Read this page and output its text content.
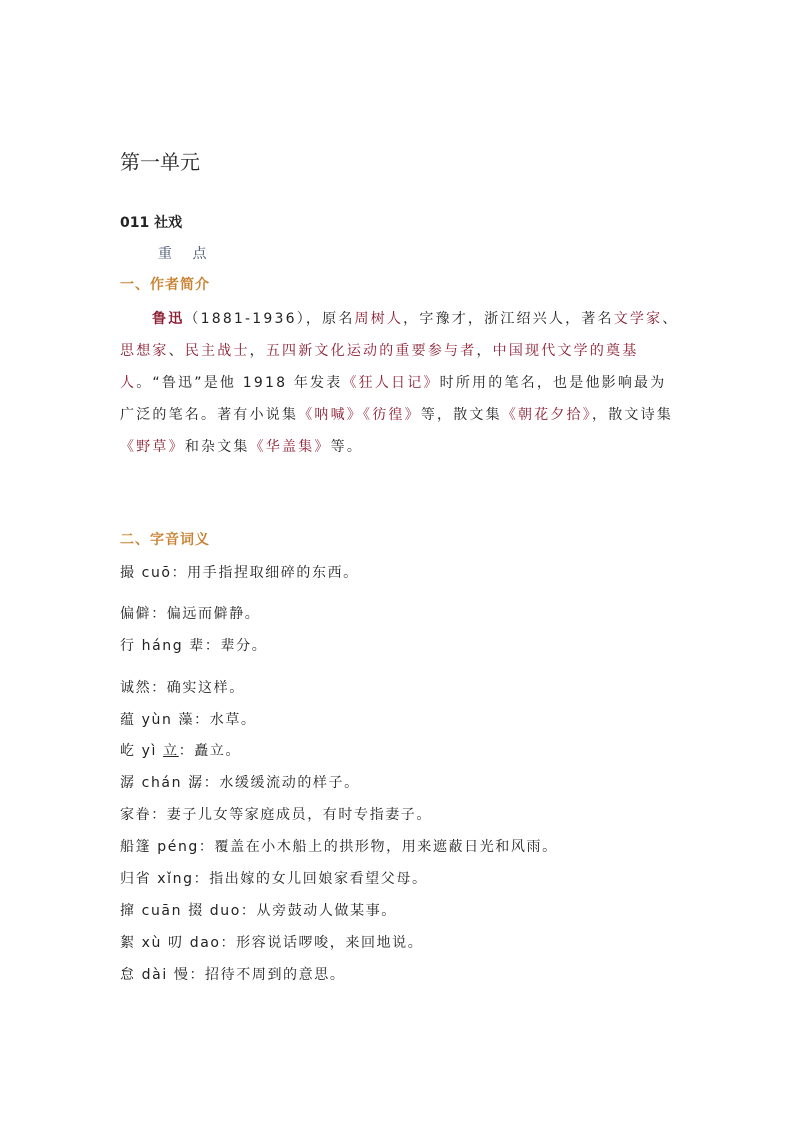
第一单元
011 社戏
重 点
一、作者简介

鲁迅（1881-1936），原名周树人，字豫才，浙江绍兴人，著名文学家、思想家、民主战士，五四新文化运动的重要参与者，中国现代文学的奠基人。“鲁迅”是他 1918 年发表《狂人日记》时所用的笔名，也是他影响最为广泛的笔名。著有小说集《呐喊》《彷徨》等，散文集《朝花夕拾》，散文诗集《野草》和杂文集《华盖集》等。

二、字音词义
撮 cuō：用手指捏取细碎的东西。
偏僻：偏远而僻静。
行 háng 辈：辈分。
诚然：确实这样。
蕴 yùn 藻：水草。
屹 yì 立：矗立。
潺 chán 潺：水缓缓流动的样子。
家眷：妻子儿女等家庭成员，有时专指妻子。
船篷 péng：覆盖在小木船上的拱形物，用来遮蔽日光和风雨。
归省 xǐng：指出嫁的女儿回娘家看望父母。
撺 cuān 掇 duo：从旁鼓动人做某事。
絮 xù 叨 dao：形容说话啰唆，来回地说。
怠 dài 慢：招待不周到的意思。
